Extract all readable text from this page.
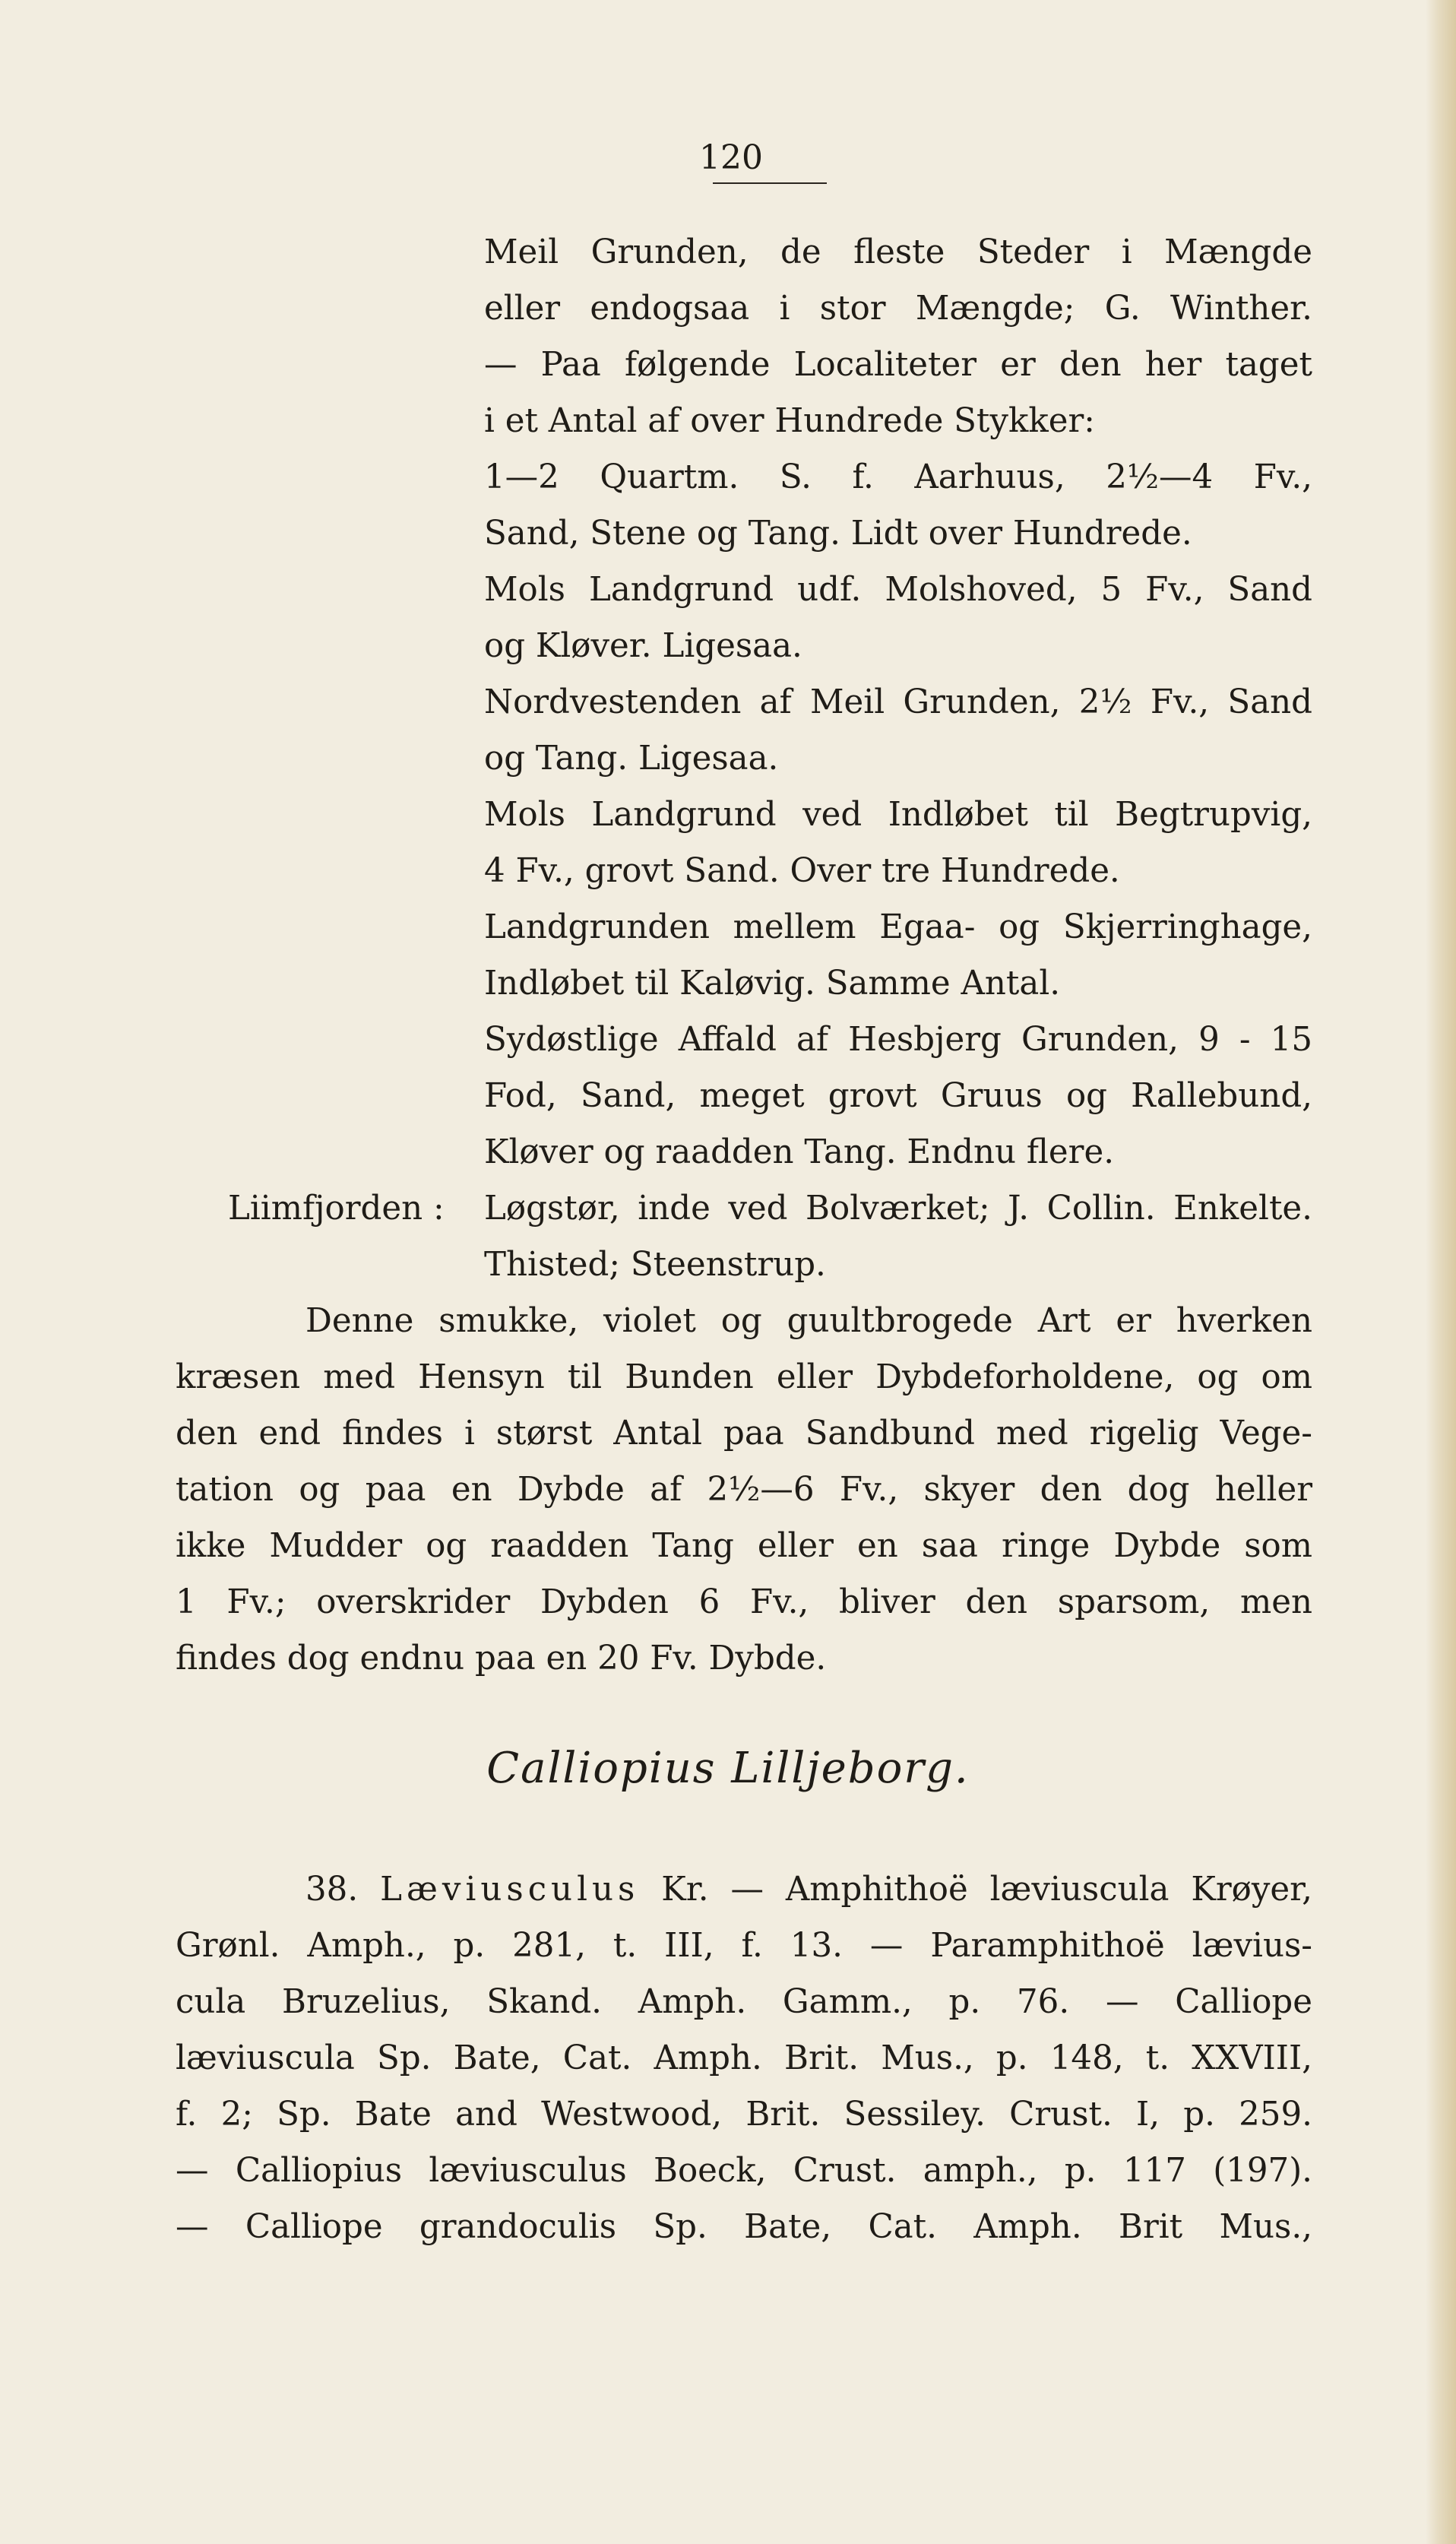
120
Meil Grunden, de fleste Steder i Mængde
eller endogsaa i stor Mængde; G. Winther.
— Paa følgende Localiteter er den her taget
i et Antal af over Hundrede Stykker:
1—2 Quartm. S. f. Aarhuus, 2½—4 Fv.,
Sand, Stene og Tang. Lidt over Hundrede.
Mols Landgrund udf. Molshoved, 5 Fv., Sand
og Kløver. Ligesaa.
Nordvestenden af Meil Grunden, 2½ Fv., Sand
og Tang. Ligesaa.
Mols Landgrund ved Indløbet til Begtrupvig,
4 Fv., grovt Sand. Over tre Hundrede.
Landgrunden mellem Egaa- og Skjerringhage,
Indløbet til Kaløvig. Samme Antal.
Sydøstlige Affald af Hesbjerg Grunden, 9 - 15
Fod, Sand, meget grovt Gruus og Rallebund,
Kløver og raadden Tang. Endnu flere.
Liimfjorden : Løgstør, inde ved Bolværket; J. Collin. Enkelte.
Thisted; Steenstrup.
Denne smukke, violet og guultbrogede Art er hverken
kræsen med Hensyn til Bunden eller Dybdeforholdene, og om
den end findes i størst Antal paa Sandbund med rigelig Vege-
tation og paa en Dybde af 2½—6 Fv., skyer den dog heller
ikke Mudder og raadden Tang eller en saa ringe Dybde som
1 Fv.; overskrider Dybden 6 Fv., bliver den sparsom, men
findes dog endnu paa en 20 Fv. Dybde.
Calliopius Lilljeborg.
38. Læviusculus Kr. — Amphithoë læviuscula Krøyer,
Grønl. Amph., p. 281, t. III, f. 13. — Paramphithoë lævius-
cula Bruzelius, Skand. Amph. Gamm., p. 76. — Calliope
læviuscula Sp. Bate, Cat. Amph. Brit. Mus., p. 148, t. XXVIII,
f. 2; Sp. Bate and Westwood, Brit. Sessiley. Crust. I, p. 259.
— Calliopius læviusculus Boeck, Crust. amph., p. 117 (197).
— Calliope grandoculis Sp. Bate, Cat. Amph. Brit Mus.,
